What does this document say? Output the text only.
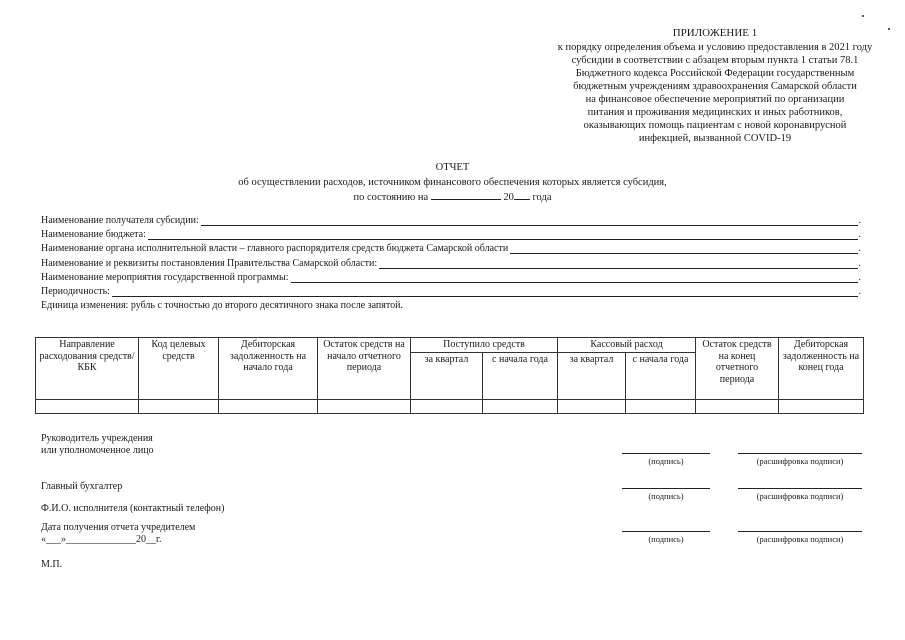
ПРИЛОЖЕНИЕ 1
к порядку определения объема и условию предоставления в 2021 году
субсидии в соответствии с абзацем вторым пункта 1 статьи 78.1
Бюджетного кодекса Российской Федерации государственным
бюджетным учреждениям здравоохранения Самарской области
на финансовое обеспечение мероприятий по организации
питания и проживания медицинских и иных работников,
оказывающих помощь пациентам с новой коронавирусной
инфекцией, вызванной COVID-19
ОТЧЕТ
об осуществлении расходов, источником финансового обеспечения которых является субсидия,
по состоянию на	20 года
Наименование получателя субсидии:	.
Наименование бюджета:	.
Наименование органа исполнительной власти – главного распорядителя средств бюджета Самарской области	.
Наименование и реквизиты постановления Правительства Самарской области:	.
Наименование мероприятия государственной программы:	.
Периодичность:	.
Единица изменения: рубль с точностью до второго десятичного знака после запятой.
Направление расходования средств/КБК	Код целевых средств	Дебиторская задолженность на начало года	Остаток средств на начало отчетного периода	Поступило средств		Кассовый расход		Остаток средств на конец отчетного периода	Дебиторская задолженность на конец года
				за квартал	с начала года	за квартал	с начала года		

Руководитель учреждения
или уполномоченное лицо
(подпись)	(расшифровка подписи)
Главный бухгалтер
(подпись)	(расшифровка подписи)
Ф.И.О. исполнителя (контактный телефон)
Дата получения отчета учредителем
«___»______________20__г.	(подпись)	(расшифровка подписи)
М.П.
